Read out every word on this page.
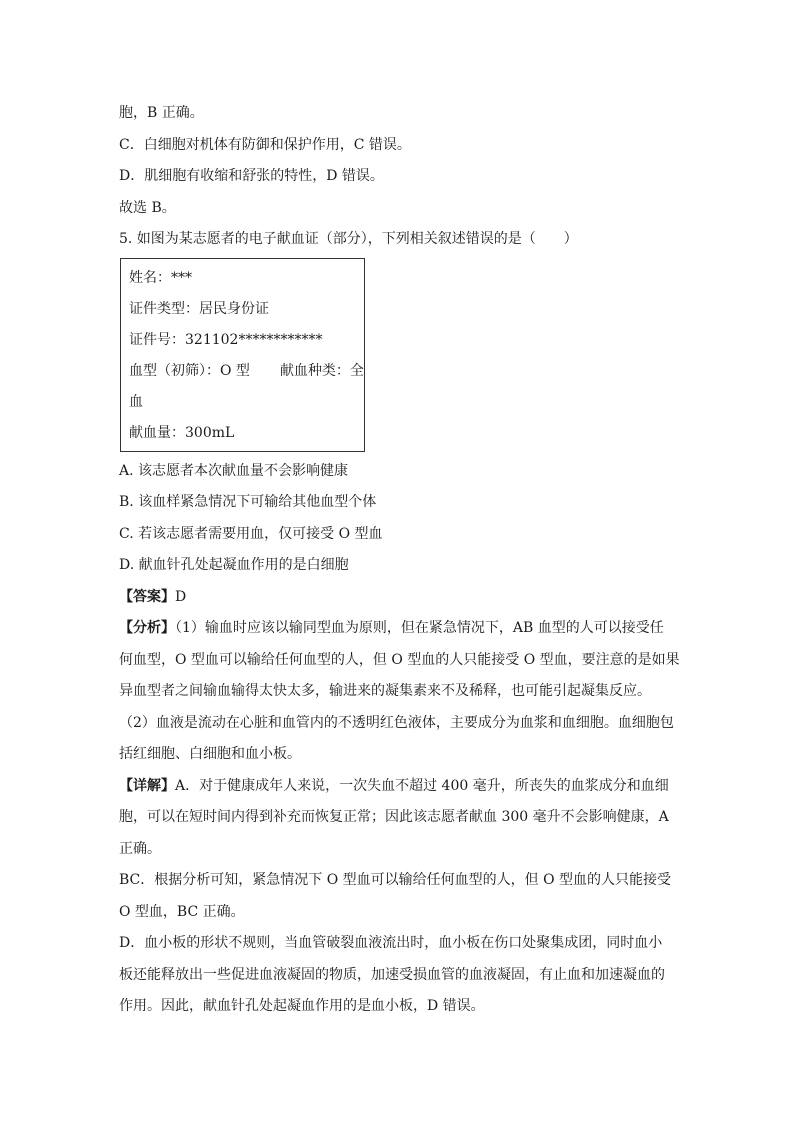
胞，B 正确。
C．白细胞对机体有防御和保护作用，C 错误。
D．肌细胞有收缩和舒张的特性，D 错误。
故选 B。
5. 如图为某志愿者的电子献血证（部分），下列相关叙述错误的是（　　）
姓名：***
证件类型：居民身份证
证件号：321102************
血型（初筛）：O 型 献血种类：全
血
献血量：300mL
A. 该志愿者本次献血量不会影响健康
B. 该血样紧急情况下可输给其他血型个体
C. 若该志愿者需要用血，仅可接受 O 型血
D. 献血针孔处起凝血作用的是白细胞
【答案】D
【分析】（1）输血时应该以输同型血为原则，但在紧急情况下，AB 血型的人可以接受任
何血型，O 型血可以输给任何血型的人，但 O 型血的人只能接受 O 型血，要注意的是如果
异血型者之间输血输得太快太多，输进来的凝集素来不及稀释，也可能引起凝集反应。
（2）血液是流动在心脏和血管内的不透明红色液体，主要成分为血浆和血细胞。血细胞包
括红细胞、白细胞和血小板。
【详解】A．对于健康成年人来说，一次失血不超过 400 毫升，所丧失的血浆成分和血细
胞，可以在短时间内得到补充而恢复正常；因此该志愿者献血 300 毫升不会影响健康，A
正确。
BC．根据分析可知，紧急情况下 O 型血可以输给任何血型的人，但 O 型血的人只能接受
O 型血，BC 正确。
D．血小板的形状不规则，当血管破裂血液流出时，血小板在伤口处聚集成团，同时血小
板还能释放出一些促进血液凝固的物质，加速受损血管的血液凝固，有止血和加速凝血的
作用。因此，献血针孔处起凝血作用的是血小板，D 错误。
